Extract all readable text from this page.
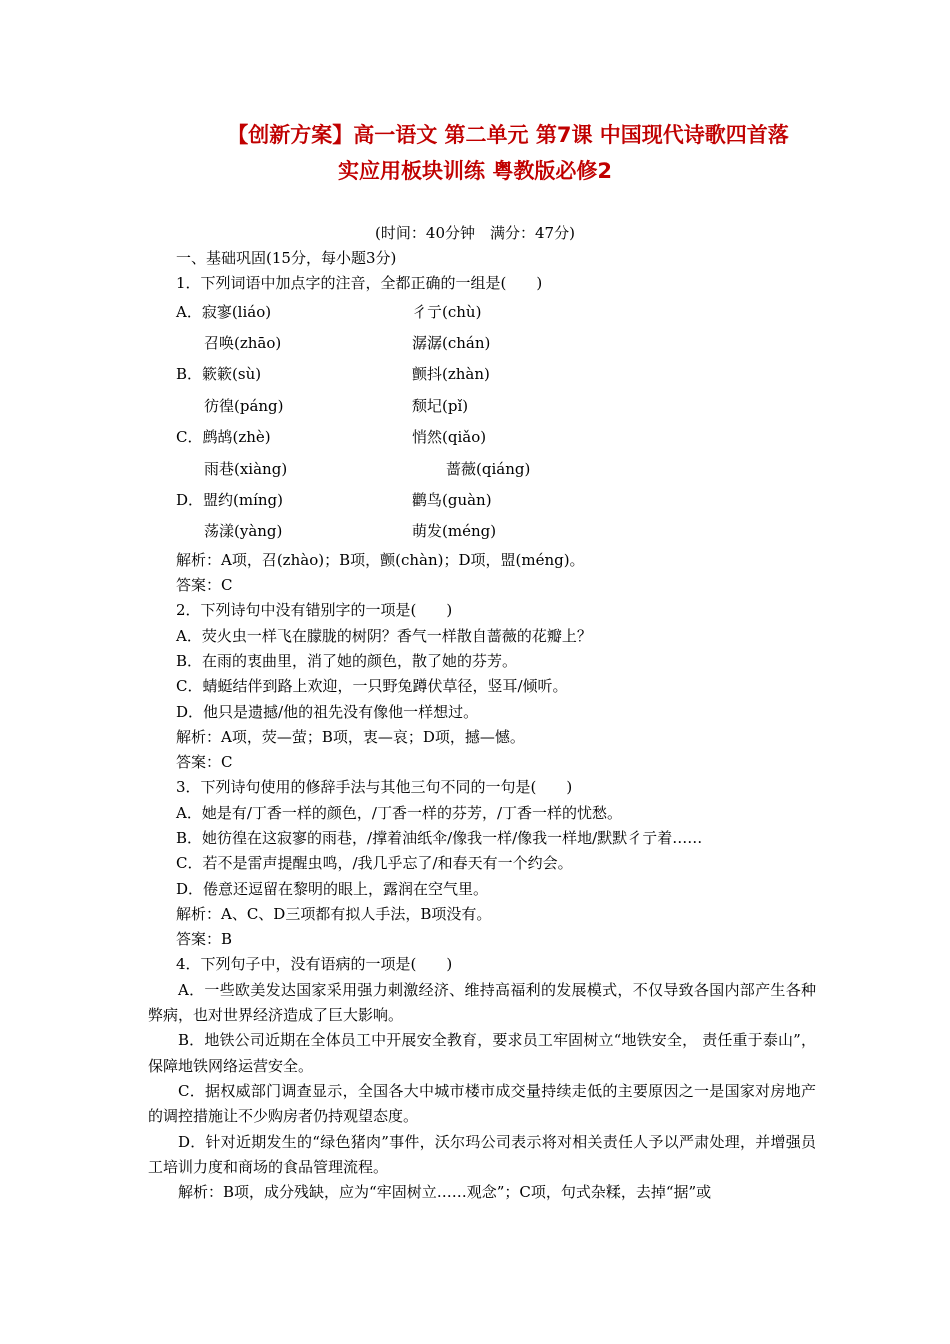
【创新方案】高一语文 第二单元 第7课 中国现代诗歌四首落
实应用板块训练 粤教版必修2
(时间：40分钟　满分：47分)
一、基础巩固(15分，每小题3分)
1．下列词语中加点字的注音，全都正确的一组是(　　)
A．寂寥(liáo)	彳亍(chù)
召唤(zhāo)	潺潺(chán)
B．簌簌(sù)	颤抖(zhàn)
彷徨(páng)	颓圮(pǐ)
C．鹧鸪(zhè)	悄然(qiǎo)
雨巷(xiàng)	蔷薇(qiáng)
D．盟约(míng)	鹳鸟(guàn)
荡漾(yàng)	萌发(méng)
解析：A项，召(zhào)；B项，颤(chàn)；D项，盟(méng)。
答案：C
2．下列诗句中没有错别字的一项是(　　)
A．荧火虫一样飞在朦胧的树阴？香气一样散自蔷薇的花瓣上？
B．在雨的衷曲里，消了她的颜色，散了她的芬芳。
C．蜻蜓结伴到路上欢迎，一只野兔蹲伏草径，竖耳/倾听。
D．他只是遗撼/他的祖先没有像他一样想过。
解析：A项，荧—萤；B项，衷—哀；D项，撼—憾。
答案：C
3．下列诗句使用的修辞手法与其他三句不同的一句是(　　)
A．她是有/丁香一样的颜色，/丁香一样的芬芳，/丁香一样的忧愁。
B．她彷徨在这寂寥的雨巷，/撑着油纸伞/像我一样/像我一样地/默默彳亍着……
C．若不是雷声提醒虫鸣，/我几乎忘了/和春天有一个约会。
D．倦意还逗留在黎明的眼上，露润在空气里。
解析：A、C、D三项都有拟人手法，B项没有。
答案：B
4．下列句子中，没有语病的一项是(　　)
A．一些欧美发达国家采用强力刺激经济、维持高福利的发展模式，不仅导致各国内部产生各种弊病，也对世界经济造成了巨大影响。
B．地铁公司近期在全体员工中开展安全教育，要求员工牢固树立“地铁安全， 责任重于泰山”，保障地铁网络运营安全。
C．据权威部门调查显示，全国各大中城市楼市成交量持续走低的主要原因之一是国家对房地产的调控措施让不少购房者仍持观望态度。
D．针对近期发生的“绿色猪肉”事件，沃尔玛公司表示将对相关责任人予以严肃处理，并增强员工培训力度和商场的食品管理流程。
解析：B项，成分残缺，应为“牢固树立……观念”；C项，句式杂糅，去掉“据”或
